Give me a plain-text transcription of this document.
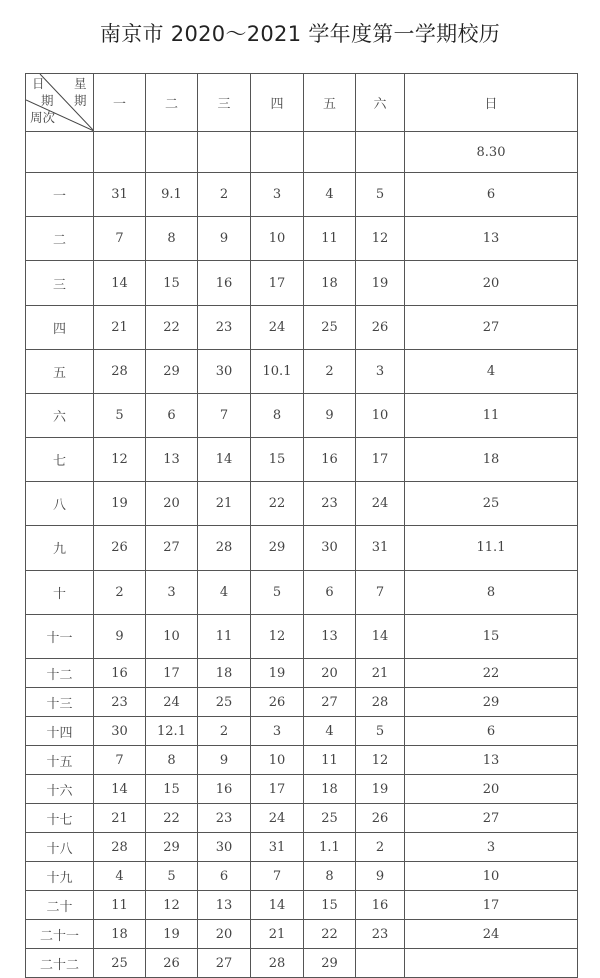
南京市 2020～2021 学年度第一学期校历
日 星
期 期
周次	一	二	三	四	五	六	日	
							8.30	

一	31	9.1	2	3	4	5	6	
二	7	8	9	10	11	12	13	
三	14	15	16	17	18	19	20	
四	21	22	23	24	25	26	27	
五	28	29	30	10.1	2	3	4	
六	5	6	7	8	9	10	11	
七	12	13	14	15	16	17	18	
八	19	20	21	22	23	24	25	
九	26	27	28	29	30	31	11.1	
十	2	3	4	5	6	7	8	
十一	9	10	11	12	13	14	15	
十二	16	17	18	19	20	21	22	

十三	23	24	25	26	27	28	29	
十四	30	12.1	2	3	4	5	6	
十五	7	8	9	10	11	12	13	
十六	14	15	16	17	18	19	20	
十七	21	22	23	24	25	26	27	
十八	28	29	30	31	1.1	2	3	
十九	4	5	6	7	8	9	10	
二十	11	12	13	14	15	16	17	
二十一	18	19	20	21	22	23	24	
二十二	25	26	27	28	29			
